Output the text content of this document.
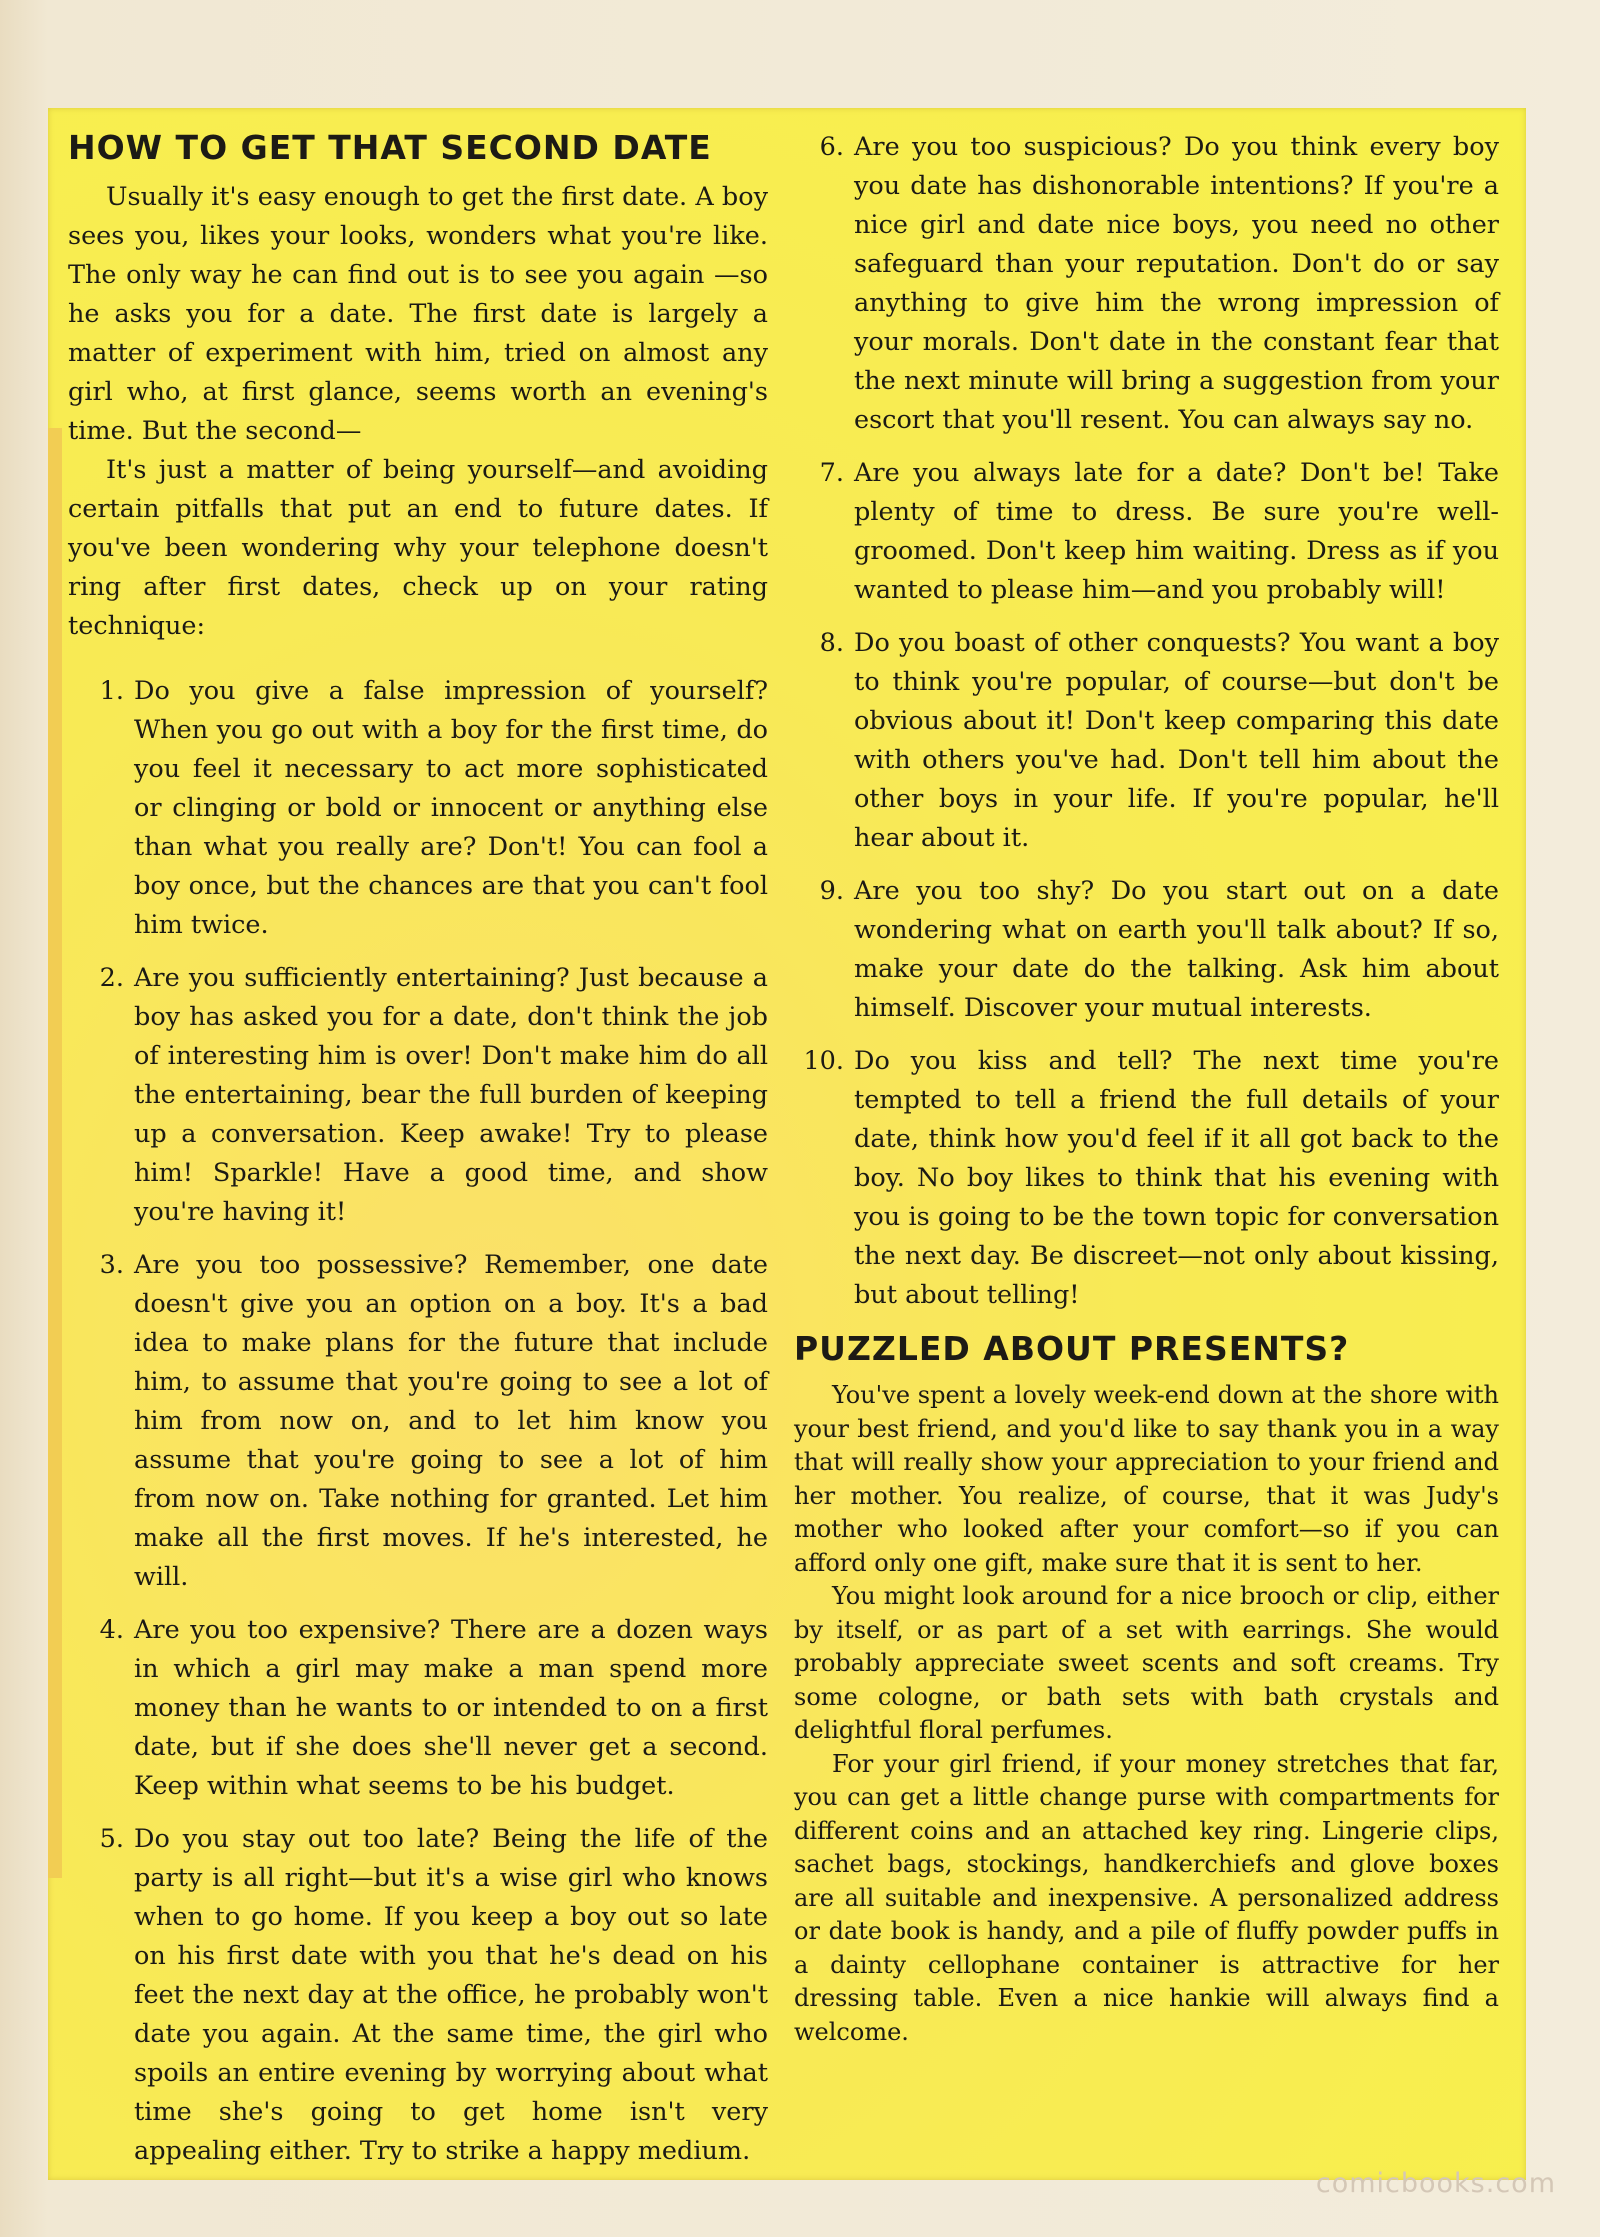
HOW TO GET THAT SECOND DATE

Usually it's easy enough to get the first date. A boy sees you, likes your looks, wonders what you're like. The only way he can find out is to see you again —so he asks you for a date. The first date is largely a matter of experiment with him, tried on almost any girl who, at first glance, seems worth an evening's time. But the second—

It's just a matter of being yourself—and avoiding certain pitfalls that put an end to future dates. If you've been wondering why your telephone doesn't ring after first dates, check up on your rating technique:

1. Do you give a false impression of yourself? When you go out with a boy for the first time, do you feel it necessary to act more sophisticated or clinging or bold or innocent or anything else than what you really are? Don't! You can fool a boy once, but the chances are that you can't fool him twice.
2. Are you sufficiently entertaining? Just because a boy has asked you for a date, don't think the job of interesting him is over! Don't make him do all the entertaining, bear the full burden of keeping up a conversation. Keep awake! Try to please him! Sparkle! Have a good time, and show you're having it!
3. Are you too possessive? Remember, one date doesn't give you an option on a boy. It's a bad idea to make plans for the future that include him, to assume that you're going to see a lot of him from now on, and to let him know you assume that you're going to see a lot of him from now on. Take nothing for granted. Let him make all the first moves. If he's interested, he will.
4. Are you too expensive? There are a dozen ways in which a girl may make a man spend more money than he wants to or intended to on a first date, but if she does she'll never get a second. Keep within what seems to be his budget.
5. Do you stay out too late? Being the life of the party is all right—but it's a wise girl who knows when to go home. If you keep a boy out so late on his first date with you that he's dead on his feet the next day at the office, he probably won't date you again. At the same time, the girl who spoils an entire evening by worrying about what time she's going to get home isn't very appealing either. Try to strike a happy medium.
6. Are you too suspicious? Do you think every boy you date has dishonorable intentions? If you're a nice girl and date nice boys, you need no other safeguard than your reputation. Don't do or say anything to give him the wrong impression of your morals. Don't date in the constant fear that the next minute will bring a suggestion from your escort that you'll resent. You can always say no.
7. Are you always late for a date? Don't be! Take plenty of time to dress. Be sure you're well-groomed. Don't keep him waiting. Dress as if you wanted to please him—and you probably will!
8. Do you boast of other conquests? You want a boy to think you're popular, of course—but don't be obvious about it! Don't keep comparing this date with others you've had. Don't tell him about the other boys in your life. If you're popular, he'll hear about it.
9. Are you too shy? Do you start out on a date wondering what on earth you'll talk about? If so, make your date do the talking. Ask him about himself. Discover your mutual interests.
10. Do you kiss and tell? The next time you're tempted to tell a friend the full details of your date, think how you'd feel if it all got back to the boy. No boy likes to think that his evening with you is going to be the town topic for conversation the next day. Be discreet—not only about kissing, but about telling!
PUZZLED ABOUT PRESENTS?

You've spent a lovely week-end down at the shore with your best friend, and you'd like to say thank you in a way that will really show your appreciation to your friend and her mother. You realize, of course, that it was Judy's mother who looked after your comfort—so if you can afford only one gift, make sure that it is sent to her.

You might look around for a nice brooch or clip, either by itself, or as part of a set with earrings. She would probably appreciate sweet scents and soft creams. Try some cologne, or bath sets with bath crystals and delightful floral perfumes.

For your girl friend, if your money stretches that far, you can get a little change purse with compartments for different coins and an attached key ring. Lingerie clips, sachet bags, stockings, handkerchiefs and glove boxes are all suitable and inexpensive. A personalized address or date book is handy, and a pile of fluffy powder puffs in a dainty cellophane container is attractive for her dressing table. Even a nice hankie will always find a welcome.

comicbooks.com
